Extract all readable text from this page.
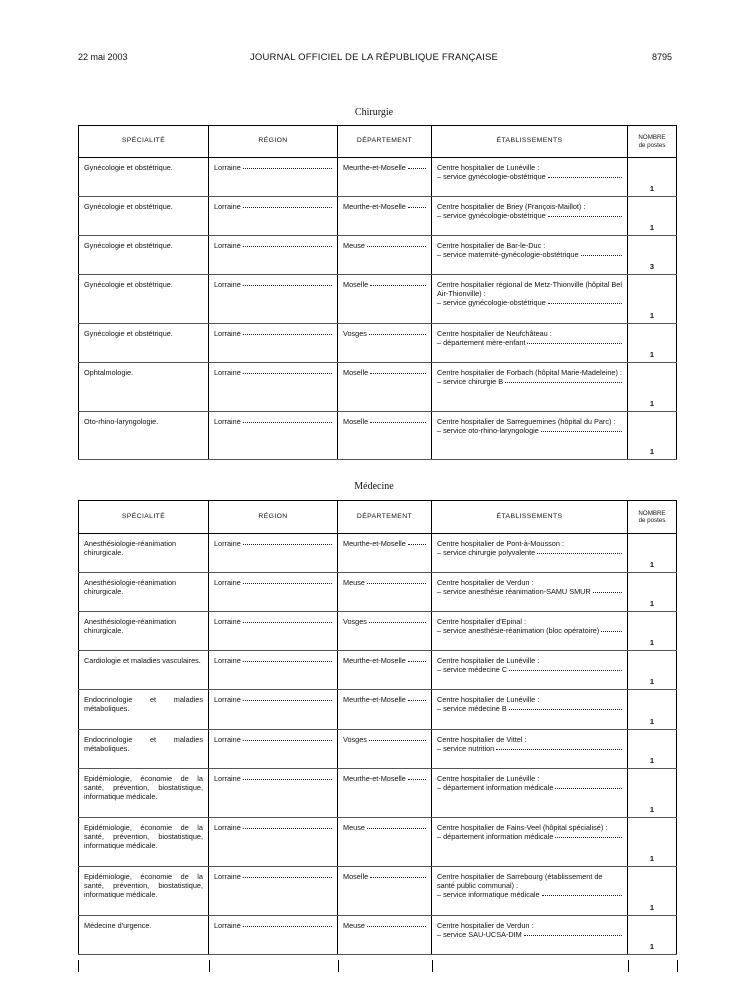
22 mai 2003	JOURNAL OFFICIEL DE LA RÉPUBLIQUE FRANÇAISE	8795
Chirurgie
SPÉCIALITÉ	RÉGION	DÉPARTEMENT	ÉTABLISSEMENTS	NOMBRE
de postes
Gynécologie et obstétrique.	Lorraine	Meurthe-et-Moselle	Centre hospitalier de Lunéville :
– service gynécologie-obstétrique	1

Gynécologie et obstétrique.	Lorraine	Meurthe-et-Moselle	Centre hospitalier de Briey (François-Maillot) :
– service gynécologie-obstétrique	1

Gynécologie et obstétrique.	Lorraine	Meuse	Centre hospitalier de Bar-le-Duc :
– service maternité-gynécologie-obstétrique	3

Gynécologie et obstétrique.	Lorraine	Moselle	Centre hospitalier régional de Metz-Thionville (hôpital Bel Air-Thionville) :
– service gynécologie-obstétrique	1

Gynécologie et obstétrique.	Lorraine	Vosges	Centre hospitalier de Neufchâteau :
– département mère-enfant	1

Ophtalmologie.	Lorraine	Moselle	Centre hospitalier de Forbach (hôpital Marie-Madeleine) :
– service chirurgie B	1

Oto-rhino-laryngologie.	Lorraine	Moselle	Centre hospitalier de Sarreguemines (hôpital du Parc) :
– service oto-rhino-laryngologie	1
Médecine
SPÉCIALITÉ	RÉGION	DÉPARTEMENT	ÉTABLISSEMENTS	NOMBRE
de postes
Anesthésiologie-réanimation chirurgicale.	Lorraine	Meurthe-et-Moselle	Centre hospitalier de Pont-à-Mousson :
– service chirurgie polyvalente	1

Anesthésiologie-réanimation chirurgicale.	Lorraine	Meuse	Centre hospitalier de Verdun :
– service anesthésie réanimation-SAMU SMUR	1

Anesthésiologie-réanimation chirurgicale.	Lorraine	Vosges	Centre hospitalier d'Epinal :
– service anesthésie-réanimation (bloc opératoire)	1

Cardiologie et maladies vasculaires.	Lorraine	Meurthe-et-Moselle	Centre hospitalier de Lunéville :
– service médecine C	1

Endocrinologie et maladies métaboliques.	Lorraine	Meurthe-et-Moselle	Centre hospitalier de Lunéville :
– service médecine B	1

Endocrinologie et maladies métaboliques.	Lorraine	Vosges	Centre hospitalier de Vittel :
– service nutrition	1

Epidémiologie, économie de la santé, prévention, biostatistique, informatique médicale.	Lorraine	Meurthe-et-Moselle	Centre hospitalier de Lunéville :
– département information médicale	1

Epidémiologie, économie de la santé, prévention, biostatistique, informatique médicale.	Lorraine	Meuse	Centre hospitalier de Fains-Veel (hôpital spécialisé) :
– département information médicale	1

Epidémiologie, économie de la santé, prévention, biostatistique, informatique médicale.	Lorraine	Moselle	Centre hospitalier de Sarrebourg (établissement de santé public communal) :
– service informatique médicale	1

Médecine d'urgence.	Lorraine	Meuse	Centre hospitalier de Verdun :
– service SAU-UCSA-DIM	1
